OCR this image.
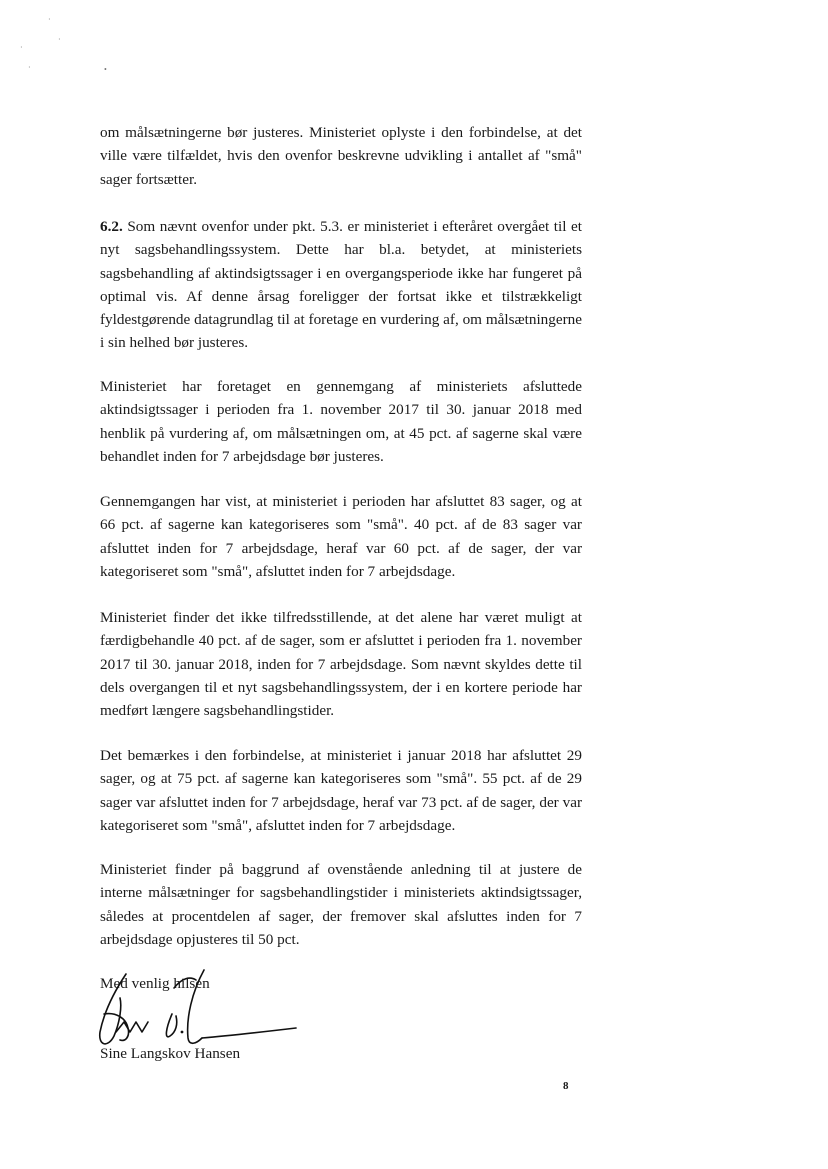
·
·
·
·	•

om målsætningerne bør justeres. Ministeriet oplyste i den forbindelse, at det ville være tilfældet, hvis den ovenfor beskrevne udvikling i antallet af "små" sager fortsætter.

6.2. Som nævnt ovenfor under pkt. 5.3. er ministeriet i efteråret overgået til et nyt sagsbehandlingssystem. Dette har bl.a. betydet, at ministeriets sagsbehandling af aktindsigtssager i en overgangsperiode ikke har fungeret på optimal vis. Af denne årsag foreligger der fortsat ikke et tilstrækkeligt fyldestgørende datagrundlag til at foretage en vurdering af, om målsætningerne i sin helhed bør justeres.

Ministeriet har foretaget en gennemgang af ministeriets afsluttede aktindsigtssager i perioden fra 1. november 2017 til 30. januar 2018 med henblik på vurdering af, om målsætningen om, at 45 pct. af sagerne skal være behandlet inden for 7 arbejdsdage bør justeres.

Gennemgangen har vist, at ministeriet i perioden har afsluttet 83 sager, og at 66 pct. af sagerne kan kategoriseres som "små". 40 pct. af de 83 sager var afsluttet inden for 7 arbejdsdage, heraf var 60 pct. af de sager, der var kategoriseret som "små", afsluttet inden for 7 arbejdsdage.

Ministeriet finder det ikke tilfredsstillende, at det alene har været muligt at færdigbehandle 40 pct. af de sager, som er afsluttet i perioden fra 1. november 2017 til 30. januar 2018, inden for 7 arbejdsdage. Som nævnt skyldes dette til dels overgangen til et nyt sagsbehandlingssystem, der i en kortere periode har medført længere sagsbehandlingstider.

Det bemærkes i den forbindelse, at ministeriet i januar 2018 har afsluttet 29 sager, og at 75 pct. af sagerne kan kategoriseres som "små". 55 pct. af de 29 sager var afsluttet inden for 7 arbejdsdage, heraf var 73 pct. af de sager, der var kategoriseret som "små", afsluttet inden for 7 arbejdsdage.

Ministeriet finder på baggrund af ovenstående anledning til at justere de interne målsætninger for sagsbehandlingstider i ministeriets aktindsigtssager, således at procentdelen af sager, der fremover skal afsluttes inden for 7 arbejdsdage opjusteres til 50 pct.

Med venlig hilsen
Sine Langskov Hansen
8
